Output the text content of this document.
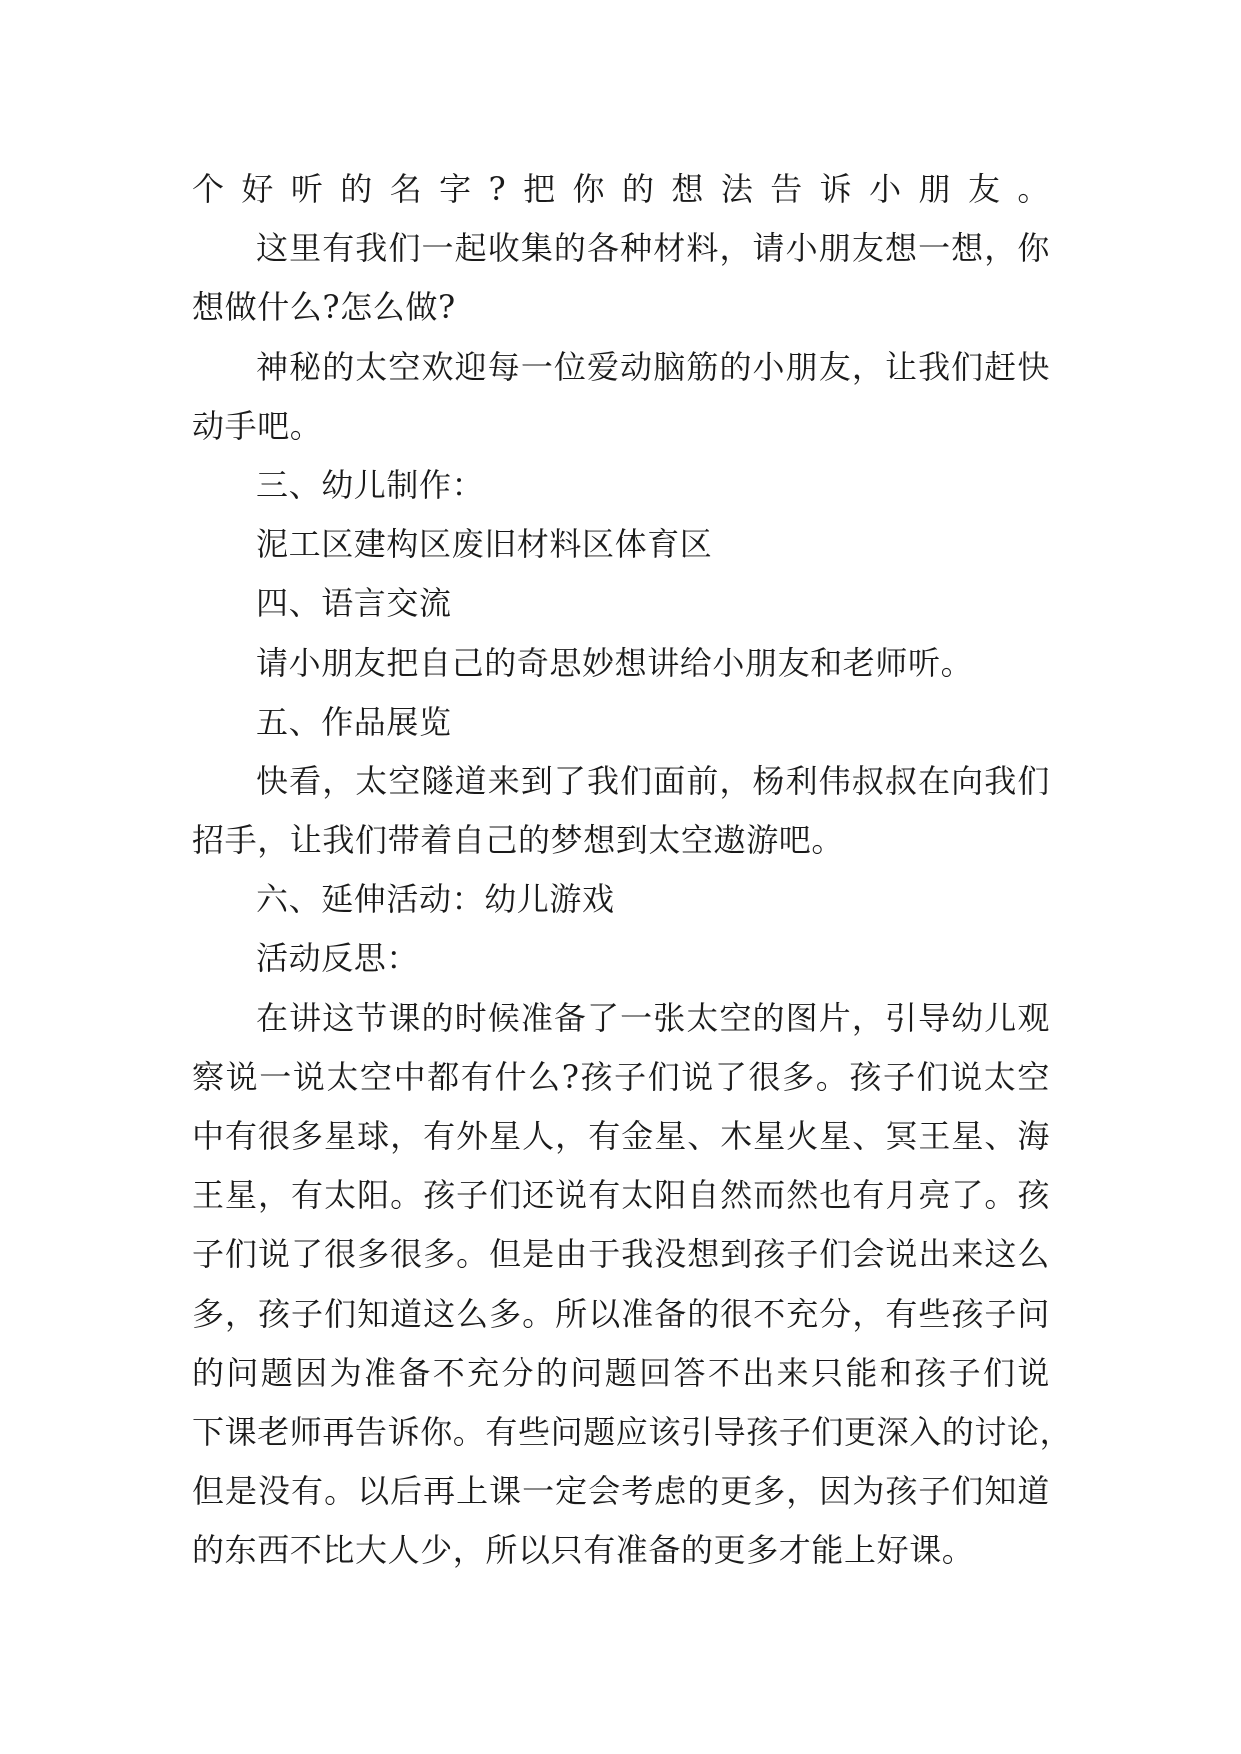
个好听的名字?把你的想法告诉小朋友。
这里有我们一起收集的各种材料，请小朋友想一想，你
想做什么?怎么做?
神秘的太空欢迎每一位爱动脑筋的小朋友，让我们赶快
动手吧。
三、幼儿制作：
泥工区建构区废旧材料区体育区
四、语言交流
请小朋友把自己的奇思妙想讲给小朋友和老师听。
五、作品展览
快看，太空隧道来到了我们面前，杨利伟叔叔在向我们
招手，让我们带着自己的梦想到太空遨游吧。
六、延伸活动：幼儿游戏
活动反思：
在讲这节课的时候准备了一张太空的图片，引导幼儿观
察说一说太空中都有什么?孩子们说了很多。孩子们说太空
中有很多星球，有外星人，有金星、木星火星、冥王星、海
王星，有太阳。孩子们还说有太阳自然而然也有月亮了。孩
子们说了很多很多。但是由于我没想到孩子们会说出来这么
多，孩子们知道这么多。所以准备的很不充分，有些孩子问
的问题因为准备不充分的问题回答不出来只能和孩子们说
下课老师再告诉你。有些问题应该引导孩子们更深入的讨论，
但是没有。以后再上课一定会考虑的更多，因为孩子们知道
的东西不比大人少，所以只有准备的更多才能上好课。
